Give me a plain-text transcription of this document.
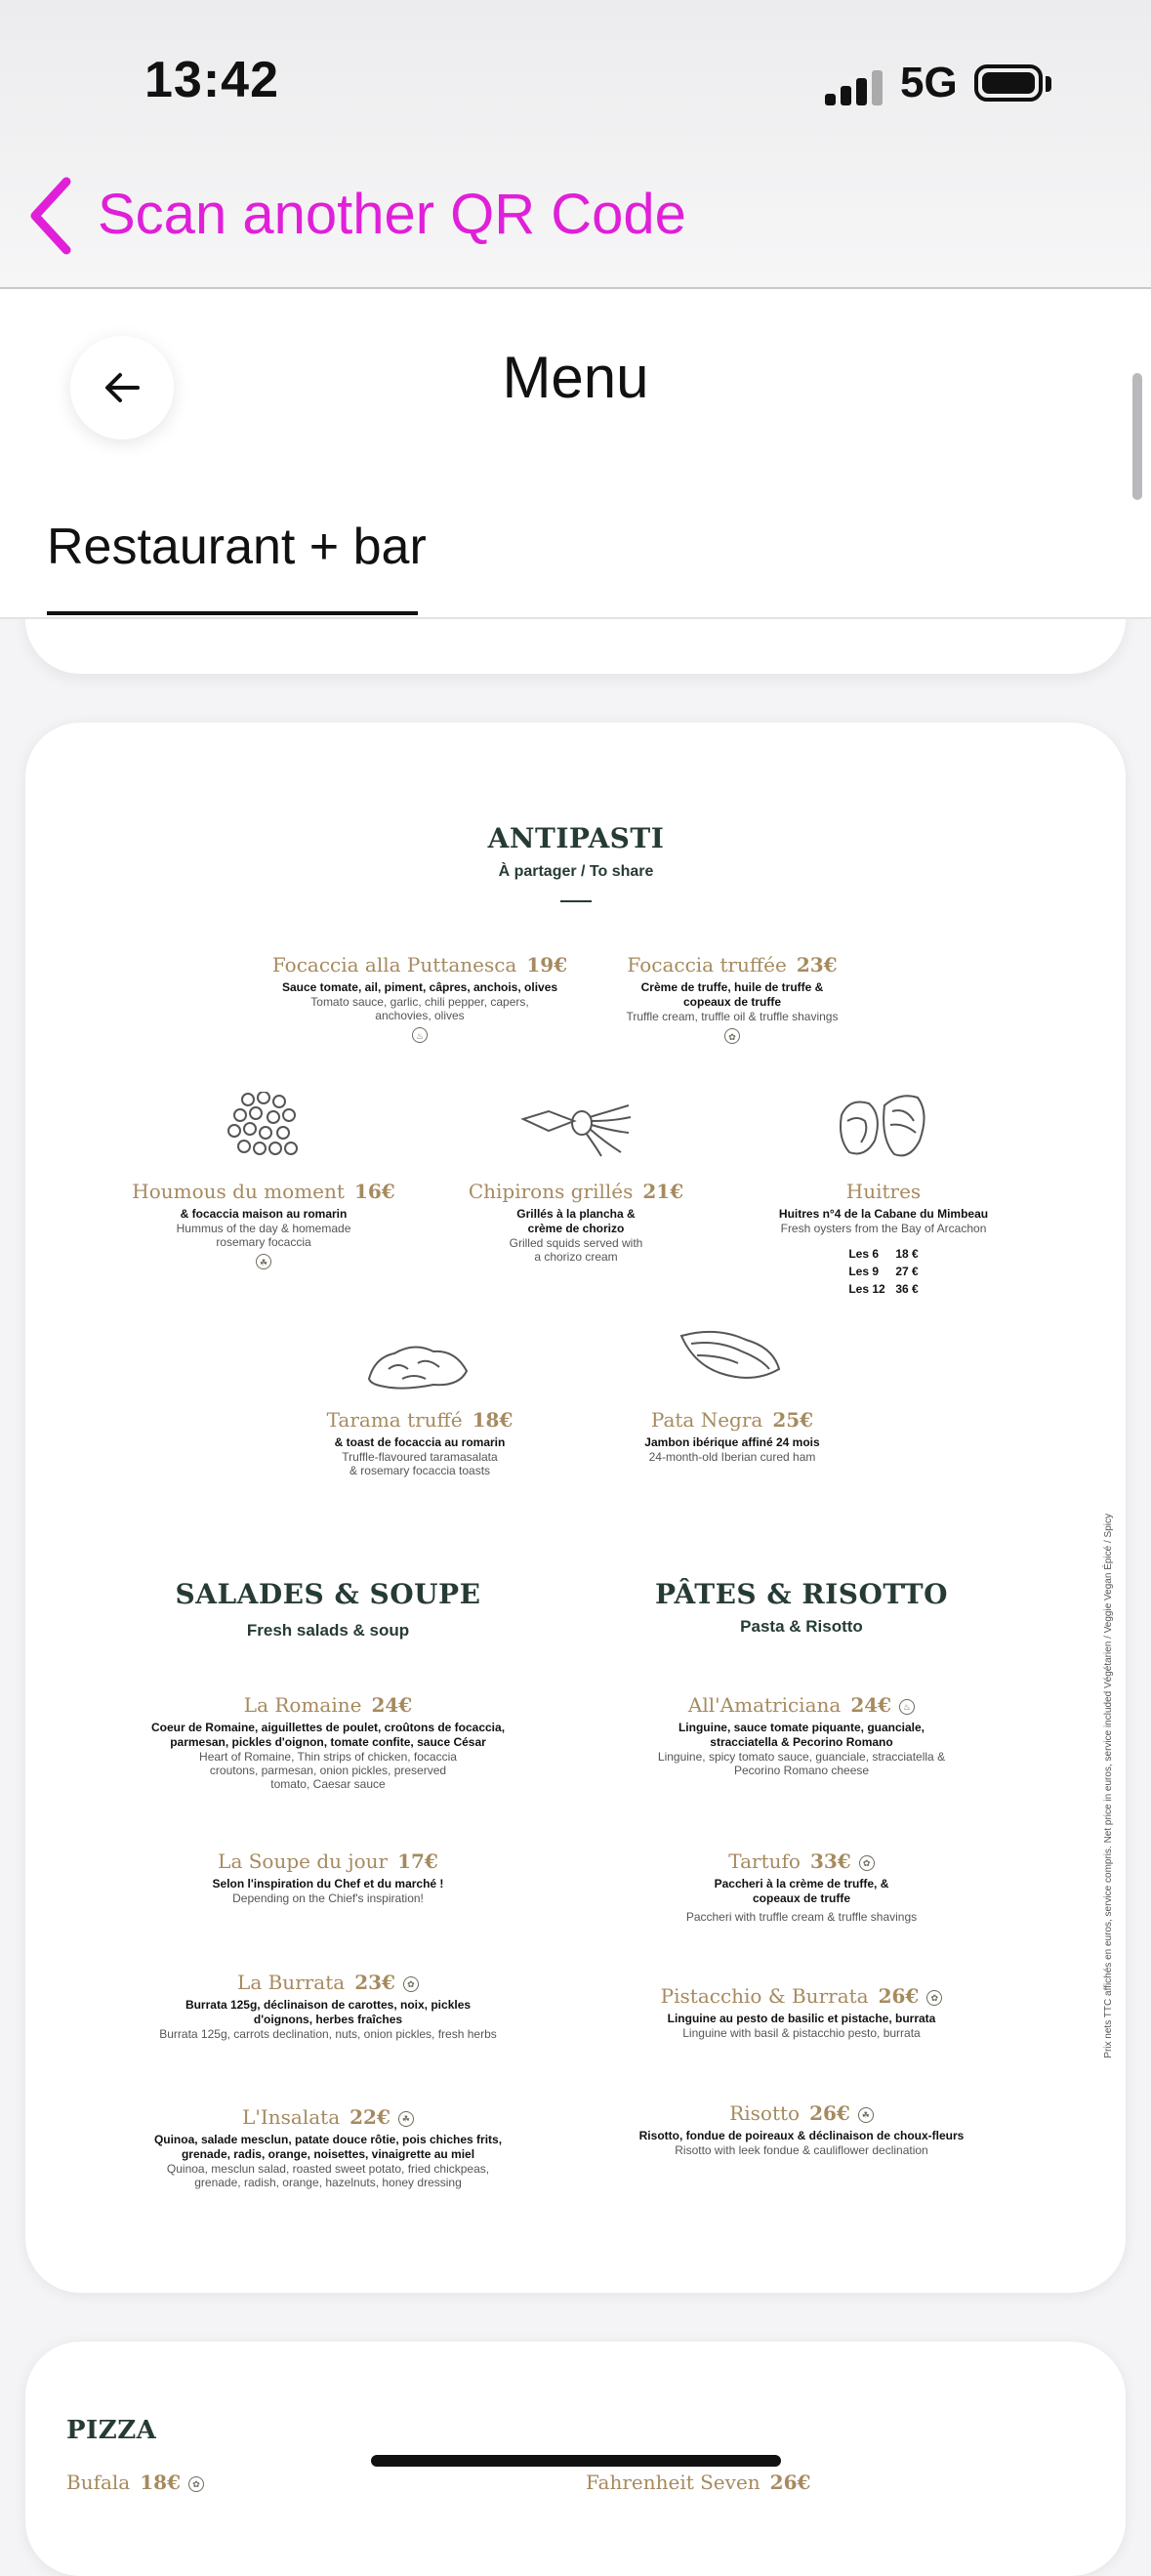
13:42	5G
Scan another QR Code
Menu
Restaurant + bar
ANTIPASTI
À partager / To share
Focaccia alla Puttanesca 19€
Sauce tomate, ail, piment, câpres, anchois, olives
Tomato sauce, garlic, chili pepper, capers, anchovies, olives
♨
Focaccia truffée 23€
Crème de truffe, huile de truffe & copeaux de truffe
Truffle cream, truffle oil & truffle shavings
✿
Houmous du moment 16€
& focaccia maison au romarin
Hummus of the day & homemade rosemary focaccia
☘
Chipirons grillés 21€
Grillés à la plancha & crème de chorizo
Grilled squids served with a chorizo cream
Huitres
Huitres n°4 de la Cabane du Mimbeau
Fresh oysters from the Bay of Arcachon
Les 6 18 €
Les 9 27 €
Les 12 36 €
Tarama truffé 18€
& toast de focaccia au romarin
Truffle-flavoured taramasalata & rosemary focaccia toasts
Pata Negra 25€
Jambon ibérique affiné 24 mois
24-month-old Iberian cured ham
SALADES & SOUPE
Fresh salads & soup
La Romaine 24€
Coeur de Romaine, aiguillettes de poulet, croûtons de focaccia, parmesan, pickles d'oignon, tomate confite, sauce César
Heart of Romaine, Thin strips of chicken, focaccia croutons, parmesan, onion pickles, preserved tomato, Caesar sauce
La Soupe du jour 17€
Selon l'inspiration du Chef et du marché !
Depending on the Chief's inspiration!
La Burrata 23€ ✿
Burrata 125g, déclinaison de carottes, noix, pickles d'oignons, herbes fraîches
Burrata 125g, carrots declination, nuts, onion pickles, fresh herbs
L'Insalata 22€ ☘
Quinoa, salade mesclun, patate douce rôtie, pois chiches frits, grenade, radis, orange, noisettes, vinaigrette au miel
Quinoa, mesclun salad, roasted sweet potato, fried chickpeas, grenade, radish, orange, hazelnuts, honey dressing
PÂTES & RISOTTO
Pasta & Risotto
All'Amatriciana 24€ ♨
Linguine, sauce tomate piquante, guanciale, stracciatella & Pecorino Romano
Linguine, spicy tomato sauce, guanciale, stracciatella & Pecorino Romano cheese
Tartufo 33€ ✿
Paccheri à la crème de truffe, & copeaux de truffe
Paccheri with truffle cream & truffle shavings
Pistacchio & Burrata 26€ ✿
Linguine au pesto de basilic et pistache, burrata
Linguine with basil & pistacchio pesto, burrata
Risotto 26€ ☘
Risotto, fondue de poireaux & déclinaison de choux-fleurs
Risotto with leek fondue & cauliflower declination
Prix nets TTC affichés en euros, service compris. Net price in euros, service included Végétarien / Veggie Vegan Épicé / Spicy
PIZZA
Bufala 18€ ✿	Fahrenheit Seven 26€
